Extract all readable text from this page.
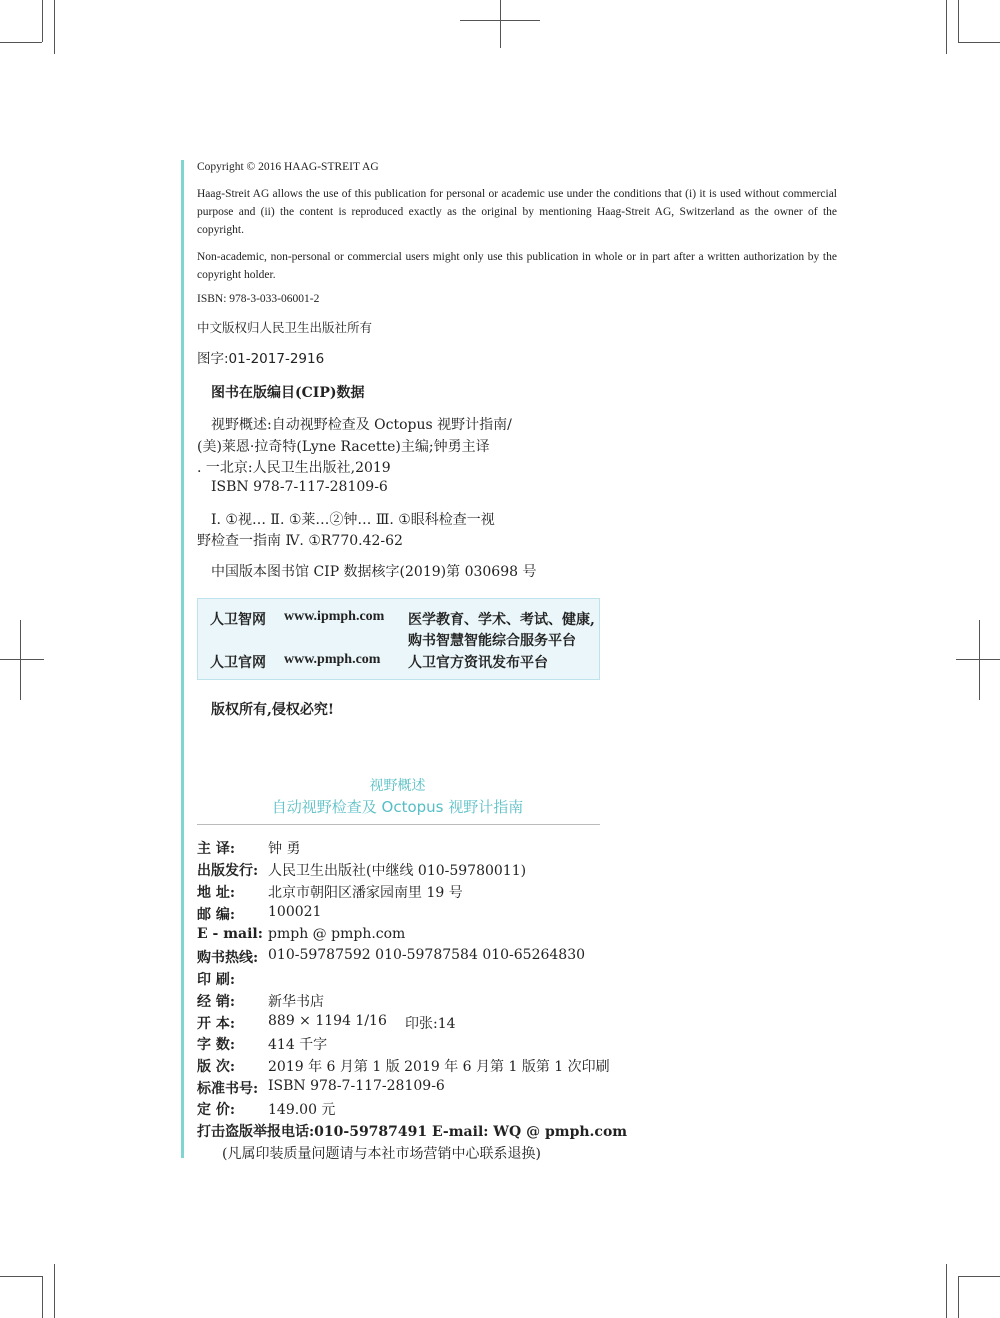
Copyright © 2016 HAAG-STREIT AG
Haag-Streit AG allows the use of this publication for personal or academic use under the conditions that (i) it is used without commercial purpose and (ii) the content is reproduced exactly as the original by mentioning Haag-Streit AG, Switzerland as the owner of the copyright.
Non-academic, non-personal or commercial users might only use this publication in whole or in part after a written authorization by the copyright holder.
ISBN: 978-3-033-06001-2
中文版权归人民卫生出版社所有
图字:01-2017-2916
图书在版编目(CIP)数据
视野概述:自动视野检查及 Octopus 视野计指南/
(美)莱恩·拉奇特(Lyne Racette)主编;钟勇主译
. 一北京:人民卫生出版社,2019
ISBN 978-7-117-28109-6
Ⅰ. ①视… Ⅱ. ①莱…②钟… Ⅲ. ①眼科检查一视
野检查一指南 Ⅳ. ①R770.42-62
中国版本图书馆 CIP 数据核字(2019)第 030698 号
人卫智网 www.ipmph.com 医学教育、学术、考试、健康,
购书智慧智能综合服务平台
人卫官网 www.pmph.com 人卫官方资讯发布平台
版权所有,侵权必究!
视野概述
自动视野检查及 Octopus 视野计指南
主 译: 钟 勇
出版发行: 人民卫生出版社(中继线 010-59780011)
地 址: 北京市朝阳区潘家园南里 19 号
邮 编: 100021
E - mail: pmph @ pmph.com
购书热线: 010-59787592 010-59787584 010-65264830
印 刷:
经 销: 新华书店
开 本: 889 × 1194 1/16 印张:14
字 数: 414 千字
版 次: 2019 年 6 月第 1 版 2019 年 6 月第 1 版第 1 次印刷
标准书号: ISBN 978-7-117-28109-6
定 价: 149.00 元
打击盗版举报电话:010-59787491 E-mail: WQ @ pmph.com
(凡属印装质量问题请与本社市场营销中心联系退换)
